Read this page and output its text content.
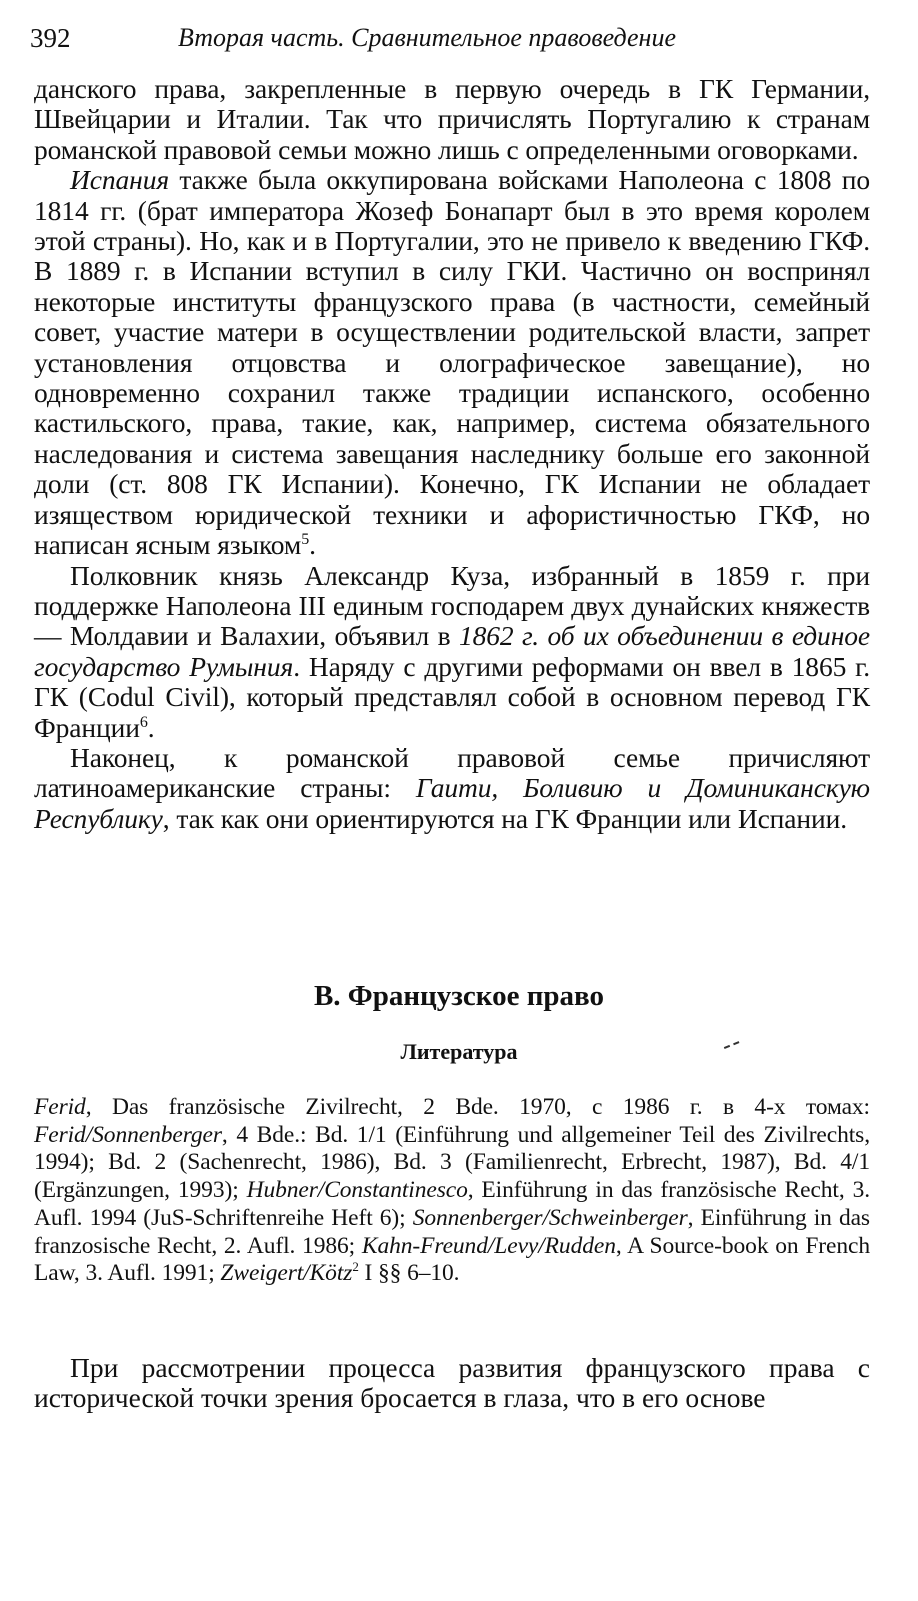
392	Вторая часть. Сравнительное правоведение

данского права, закрепленные в первую очередь в ГК Германии, Швейцарии и Италии. Так что причислять Португалию к странам романской правовой семьи можно лишь с определенными оговорками.

Испания также была оккупирована войсками Наполеона с 1808 по 1814 гг. (брат императора Жозеф Бонапарт был в это время королем этой страны). Но, как и в Португалии, это не привело к введению ГКФ. В 1889 г. в Испании вступил в силу ГКИ. Частично он воспринял некоторые институты французского права (в частности, семейный совет, участие матери в осуществлении родительской власти, запрет установления отцовства и олографическое завещание), но одновременно сохранил также традиции испанского, особенно кастильского, права, такие, как, например, система обязательного наследования и система завещания наследнику больше его законной доли (ст. 808 ГК Испании). Конечно, ГК Испании не обладает изяществом юридической техники и афористичностью ГКФ, но написан ясным языком$^5$.

Полковник князь Александр Куза, избранный в 1859 г. при поддержке Наполеона III единым господарем двух дунайских княжеств — Молдавии и Валахии, объявил в 1862 г. об их объединении в единое государство Румыния. Наряду с другими реформами он ввел в 1865 г. ГК (Codul Civil), который представлял собой в основном перевод ГК Франции$^6$.

Наконец, к романской правовой семье причисляют латиноамериканские страны: Гаити, Боливию и Доминиканскую Республику, так как они ориентируются на ГК Франции или Испании.

B. Французское право
Литература

Ferid, Das französische Zivilrecht, 2 Bde. 1970, с 1986 г. в 4-х томах: Ferid/Sonnenberger, 4 Bde.: Bd. 1/1 (Einführung und allgemeiner Teil des Zivilrechts, 1994); Bd. 2 (Sachenrecht, 1986), Bd. 3 (Familienrecht, Erbrecht, 1987), Bd. 4/1 (Ergänzungen, 1993); Hubner/Constantinesco, Einführung in das französische Recht, 3. Aufl. 1994 (JuS-Schriftenreihe Heft 6); Sonnenberger/Schweinberger, Einführung in das franzosische Recht, 2. Aufl. 1986; Kahn-Freund/Levy/Rudden, A Source-book on French Law, 3. Aufl. 1991; Zweigert/Kötz$^2$ I §§ 6–10.

При рассмотрении процесса развития французского права с исторической точки зрения бросается в глаза, что в его основе
